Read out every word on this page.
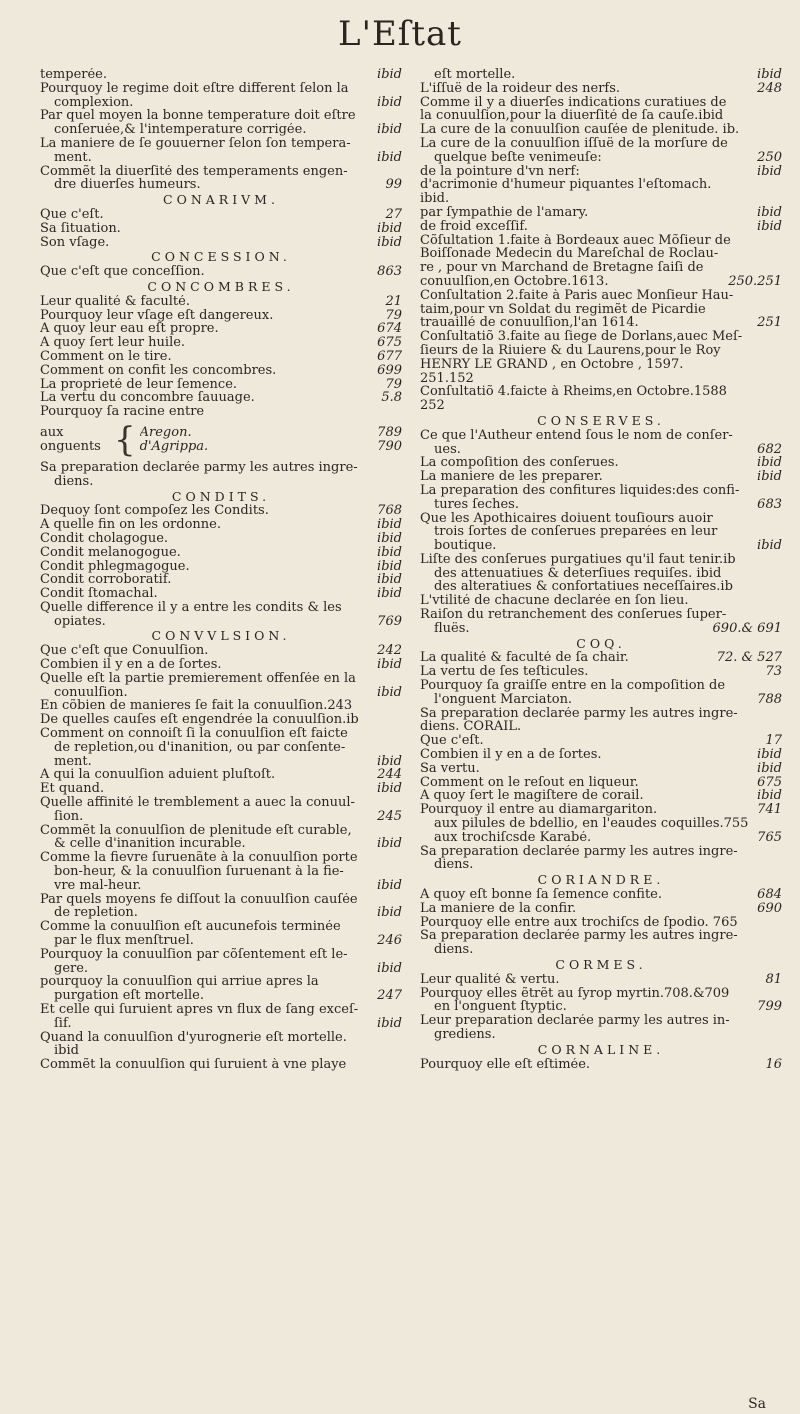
L'Eſtat
temperée.	ibid
Pourquoy le regime doit eſtre different ſelon la
complexion.	ibid
Par quel moyen la bonne temperature doit eſtre
conſeruée,& l'intemperature corrigée.	ibid
La maniere de ſe gouuerner ſelon ſon tempera-
ment.	ibid
Commẽt la diuerſité des temperaments engen-
dre diuerſes humeurs.	99
CONARIVM.
Que c'eſt.	27
Sa ſituation.	ibid
Son vſage.	ibid
CONCESSION.
Que c'eſt que conceſſion.	863
CONCOMBRES.
Leur qualité & faculté.	21
Pourquoy leur vſage eſt dangereux.	79
A quoy leur eau eſt propre.	674
A quoy ſert leur huile.	675
Comment on le tire.	677
Comment on confit les concombres.	699
La proprieté de leur ſemence.	79
La vertu du concombre ſauuage.	5.8
Pourquoy ſa racine entre
aux onguents { Aregon.	789
d'Agrippa.	790
Sa preparation declarée parmy les autres ingre-
diens.
CONDITS.
Dequoy ſont compoſez les Condits.	768
A quelle fin on les ordonne.	ibid
Condit cholagogue.	ibid
Condit melanogogue.	ibid
Condit phlegmagogue.	ibid
Condit corroboratif.	ibid
Condit ſtomachal.	ibid
Quelle difference il y a entre les condits & les
opiates.	769
CONVVLSION.
Que c'eſt que Conuulſion.	242
Combien il y en a de ſortes.	ibid
Quelle eſt la partie premierement offenſée en la
conuulſion.	ibid
En cõbien de manieres ſe fait la conuulſion.243
De quelles cauſes eſt engendrée la conuulſion.ib
Comment on connoiſt ſi la conuulſion eſt faicte
de repletion,ou d'inanition, ou par conſente-
ment.	ibid
A qui la conuulſion aduient pluſtoſt.	244
Et quand.	ibid
Quelle affinité le tremblement a auec la conuul-
ſion.	245
Commẽt la conuulſion de plenitude eſt curable,
& celle d'inanition incurable.	ibid
Comme la fievre ſuruenãte à la conuulſion porte
bon-heur, & la conuulſion ſuruenant à la fie-
vre mal-heur.	ibid
Par quels moyens fe diſſout la conuulſion cauſée
de repletion.	ibid
Comme la conuulſion eſt aucunefois terminée
par le flux menſtruel.	246
Pourquoy la conuulſion par cõſentement eſt le-
gere.	ibid
pourquoy la conuulſion qui arriue apres la
purgation eſt mortelle.	247
Et celle qui ſuruient apres vn flux de ſang exceſ-
ſif.	ibid
Quand la conuulſion d'yurognerie eſt mortelle.
ibid
Commẽt la conuulſion qui ſuruient à vne playe
eſt mortelle.	ibid
L'iſſuë de la roideur des nerfs.	248
Comme il y a diuerſes indications curatiues de
la conuulſion,pour la diuerſité de ſa cauſe.ibid
La cure de la conuulſion cauſée de plenitude. ib.
La cure de la conuulſion iſſuë de la morſure de
quelque beſte venimeuſe:	250
de la pointure d'vn nerf:	ibid
d'acrimonie d'humeur piquantes l'eſtomach.
ibid.
par ſympathie de l'amary.	ibid
de froid exceſſif.	ibid
Cõſultation 1.faite à Bordeaux auec Mõſieur de
Boiſſonade Medecin du Mareſchal de Roclau-
re , pour vn Marchand de Bretagne ſaiſi de
conuulſion,en Octobre.1613.	250.251
Conſultation 2.faite à Paris auec Monſieur Hau-
taim,pour vn Soldat du regimẽt de Picardie
trauaillé de conuulſion,l'an 1614.	251
Conſultatiõ 3.faite au ſiege de Dorlans,auec Meſ-
ſieurs de la Riuiere & du Laurens,pour le Roy
HENRY LE GRAND , en Octobre , 1597.
251.152
Conſultatiõ 4.faicte à Rheims,en Octobre.1588
252
CONSERVES.
Ce que l'Autheur entend ſous le nom de conſer-
ues.	682
La compoſition des conſerues.	ibid
La maniere de les preparer.	ibid
La preparation des confitures liquides:des confi-
tures ſeches.	683
Que les Apothicaires doiuent touſiours auoir
trois ſortes de conſerues preparées en leur
boutique.	ibid
Liſte des conſerues purgatiues qu'il faut tenir.ib
des attenuatiues & deterſiues requiſes. ibid
des alteratiues & confortatiues neceſſaires.ib
L'vtilité de chacune declarée en ſon lieu.
Raiſon du retranchement des conſerues ſuper-
fluës.	690.& 691
COQ.
La qualité & faculté de ſa chair.	72. & 527
La vertu de ſes teſticules.	73
Pourquoy ſa graiſſe entre en la compoſition de
l'onguent Marciaton.	788
Sa preparation declarée parmy les autres ingre-
diens. CORAIL.
Que c'eſt.	17
Combien il y en a de ſortes.	ibid
Sa vertu.	ibid
Comment on le reſout en liqueur.	675
A quoy ſert le magiſtere de corail.	ibid
Pourquoy il entre au diamargariton.	741
aux pilules de bdellio, en l'eaudes coquilles.755
aux trochiſcsde Karabé.	765
Sa preparation declarée parmy les autres ingre-
diens.
CORIANDRE.
A quoy eſt bonne ſa ſemence confite.	684
La maniere de la confir.	690
Pourquoy elle entre aux trochiſcs de ſpodio. 765
Sa preparation declarée parmy les autres ingre-
diens.
CORMES.
Leur qualité & vertu.	81
Pourquoy elles ẽtrẽt au ſyrop myrtin.708.&709
en l'onguent ſtyptic.	799
Leur preparation declarée parmy les autres in-
grediens.
CORNALINE.
Pourquoy elle eſt eſtimée.	16
Sa
